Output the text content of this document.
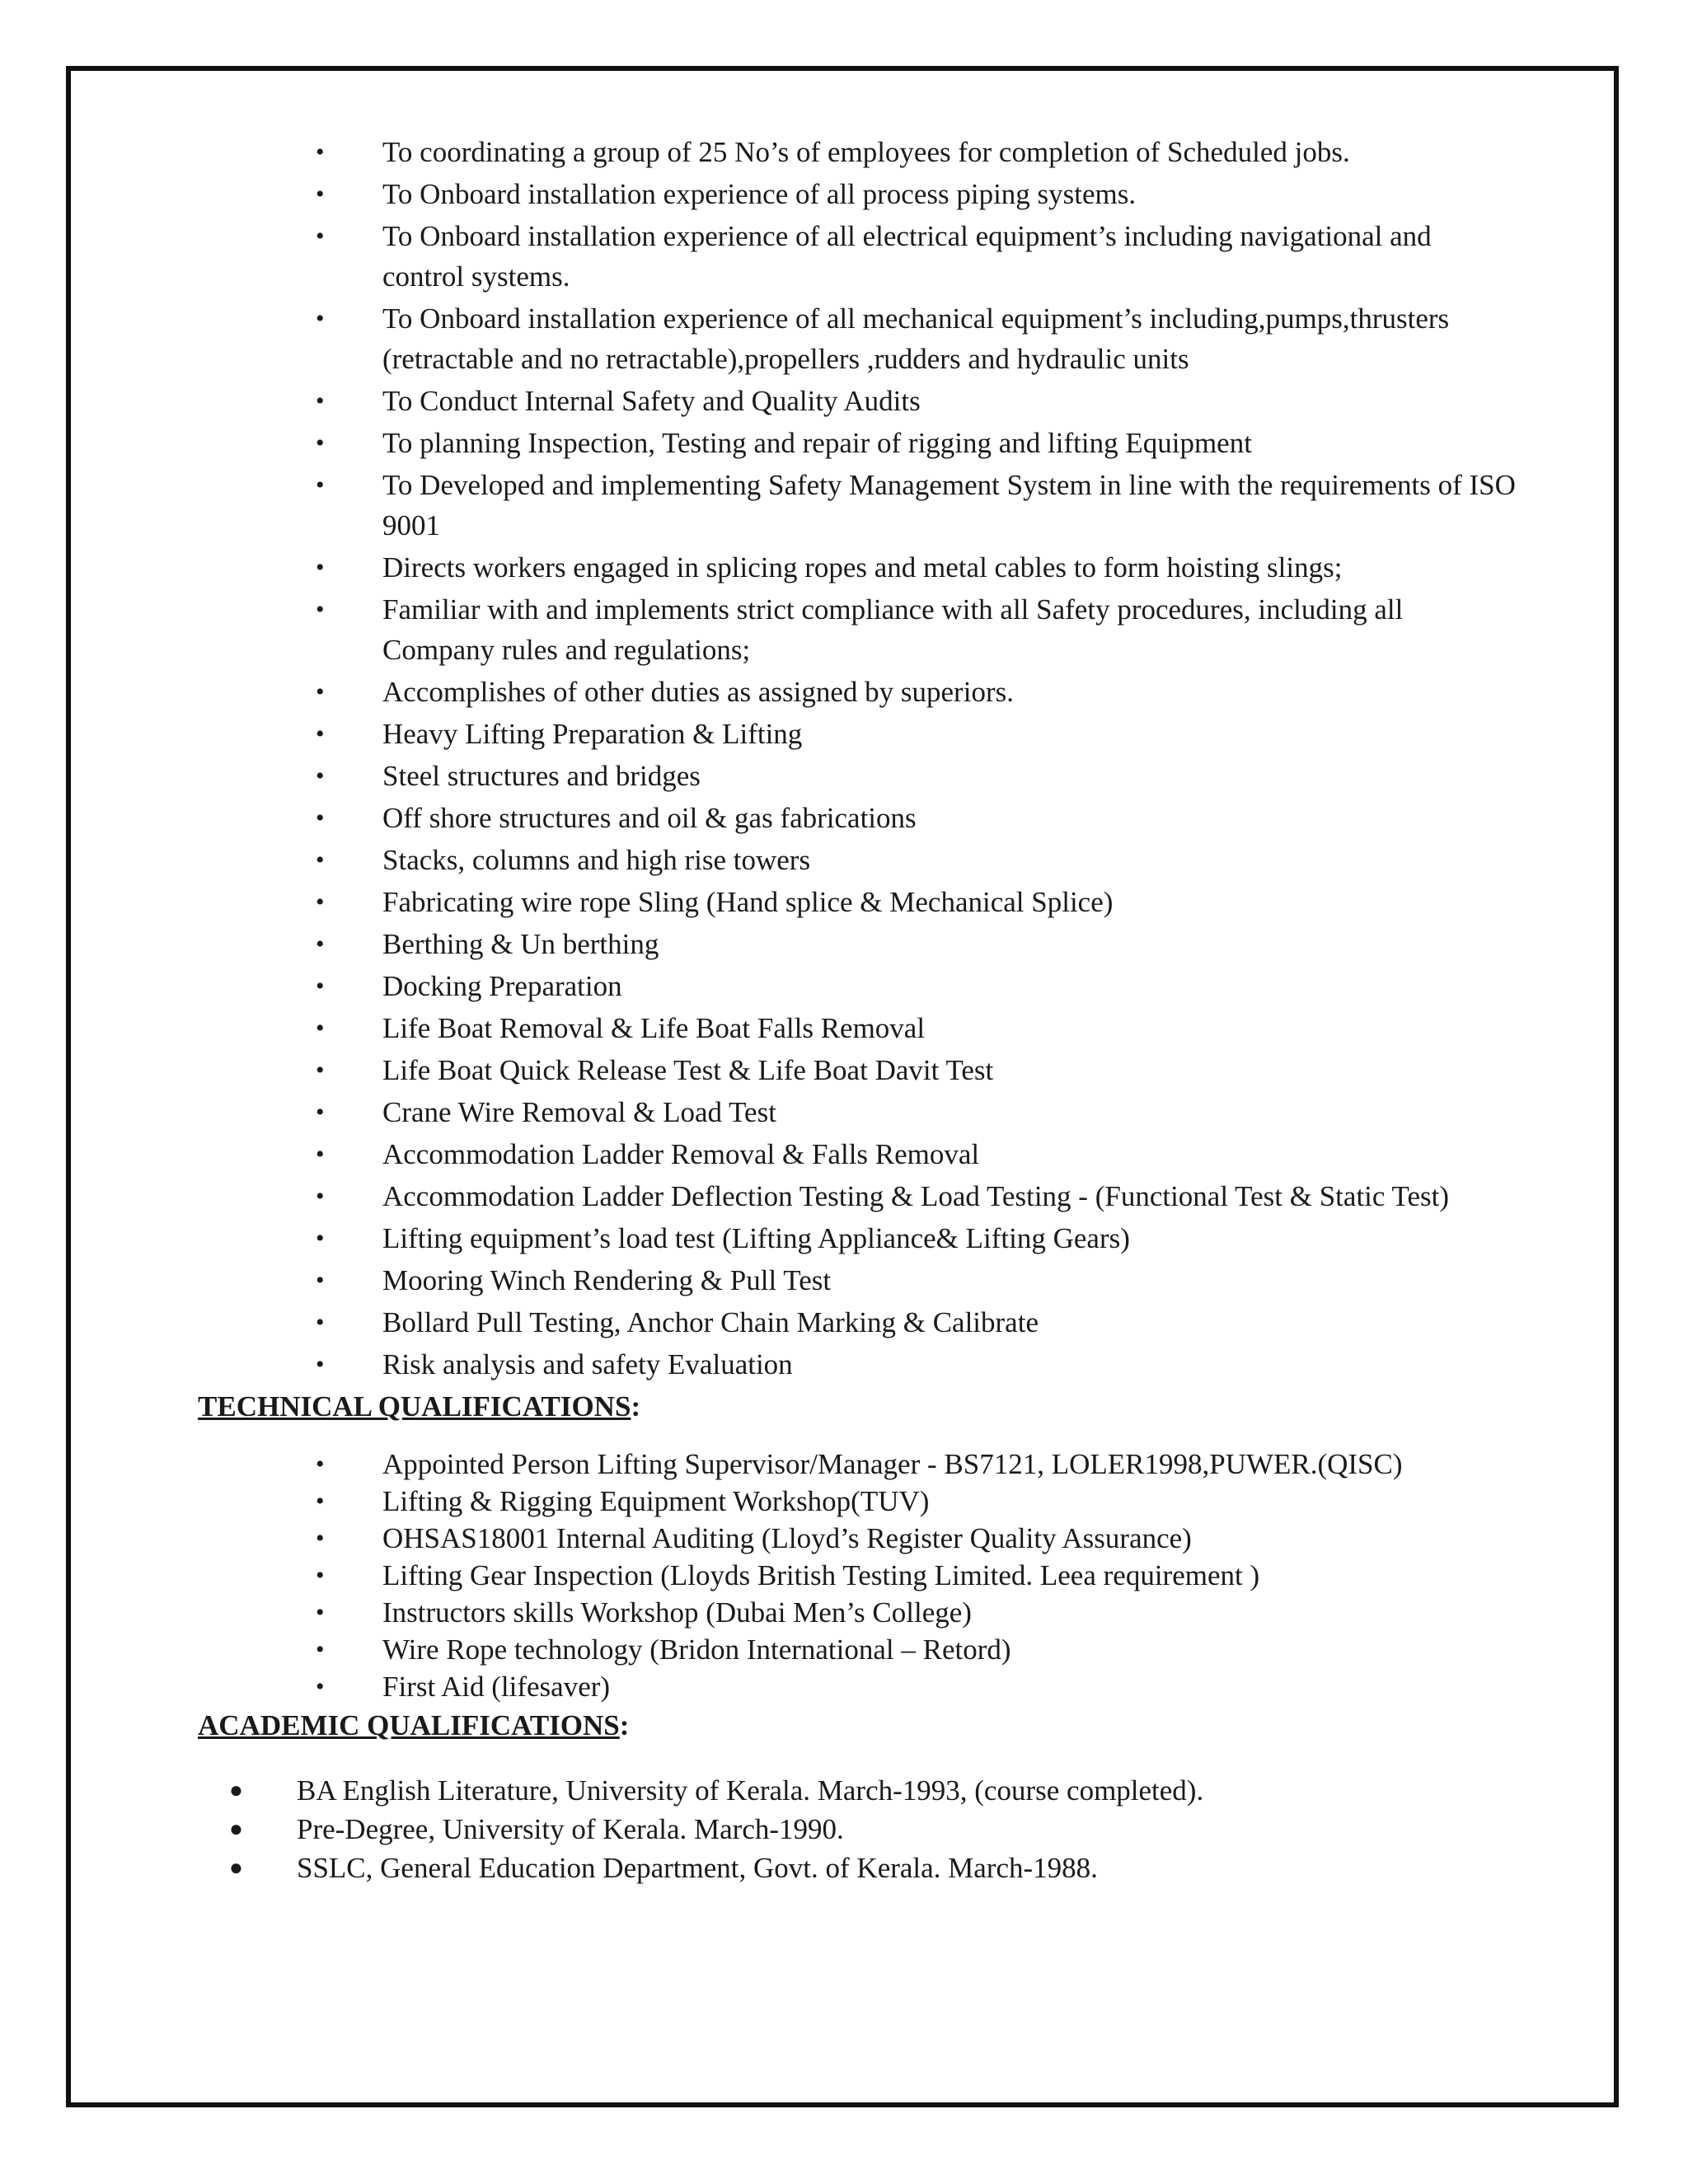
• To coordinating a group of 25 No’s of employees for completion of Scheduled jobs.
• To Onboard installation experience of all process piping systems.
• To Onboard installation experience of all electrical equipment’s including navigational and control systems.
• To Onboard installation experience of all mechanical equipment’s including,pumps,thrusters (retractable and no retractable),propellers ,rudders and hydraulic units
• To Conduct Internal Safety and Quality Audits
• To planning Inspection, Testing and repair of rigging and lifting Equipment
• To Developed and implementing Safety Management System in line with the requirements of ISO 9001
• Directs workers engaged in splicing ropes and metal cables to form hoisting slings;
• Familiar with and implements strict compliance with all Safety procedures, including all Company rules and regulations;
• Accomplishes of other duties as assigned by superiors.
• Heavy Lifting Preparation & Lifting
• Steel structures and bridges
• Off shore structures and oil & gas fabrications
• Stacks, columns and high rise towers
• Fabricating wire rope Sling (Hand splice & Mechanical Splice)
• Berthing & Un berthing
• Docking Preparation
• Life Boat Removal & Life Boat Falls Removal
• Life Boat Quick Release Test & Life Boat Davit Test
• Crane Wire Removal & Load Test
• Accommodation Ladder Removal & Falls Removal
• Accommodation Ladder Deflection Testing & Load Testing - (Functional Test & Static Test)
• Lifting equipment’s load test (Lifting Appliance& Lifting Gears)
• Mooring Winch Rendering & Pull Test
• Bollard Pull Testing, Anchor Chain Marking & Calibrate
• Risk analysis and safety Evaluation

TECHNICAL QUALIFICATIONS:

• Appointed Person Lifting Supervisor/Manager - BS7121, LOLER1998,PUWER.(QISC)
• Lifting & Rigging Equipment Workshop(TUV)
• OHSAS18001 Internal Auditing (Lloyd’s Register Quality Assurance)
• Lifting Gear Inspection (Lloyds British Testing Limited. Leea requirement )
• Instructors skills Workshop (Dubai Men’s College)
• Wire Rope technology (Bridon International – Retord)
• First Aid (lifesaver)

ACADEMIC QUALIFICATIONS:

● BA English Literature, University of Kerala. March-1993, (course completed).
● Pre-Degree, University of Kerala. March-1990.
● SSLC, General Education Department, Govt. of Kerala. March-1988.
